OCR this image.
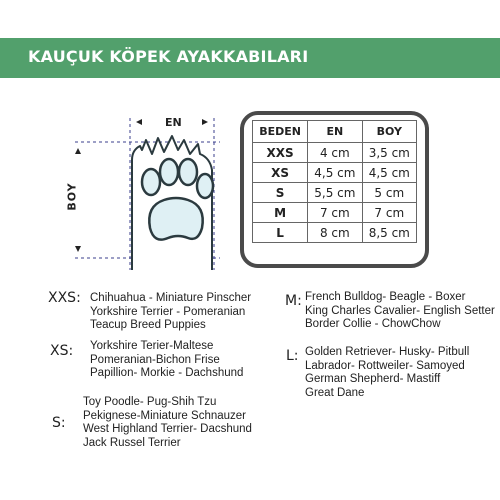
KAUÇUK KÖPEK AYAKKABILARI
EN
BOY
BEDEN	EN	BOY
XXS	4 cm	3,5 cm
XS	4,5 cm	4,5 cm
S	5,5 cm	5 cm
M	7 cm	7 cm
L	8 cm	8,5 cm
XXS: Chihuahua - Miniature Pinscher
Yorkshire Terrier - Pomeranian
Teacup Breed Puppies
XS: Yorkshire Terier-Maltese
Pomeranian-Bichon Frise
Papillion- Morkie - Dachshund
S:
Toy Poodle- Pug-Shih Tzu
Pekignese-Miniature Schnauzer
West Highland Terrier- Dacshund
Jack Russel Terrier
M: French Bulldog- Beagle - Boxer
King Charles Cavalier- English Setter
Border Collie - ChowChow
L: Golden Retriever- Husky- Pitbull
Labrador- Rottweiler- Samoyed
German Shepherd- Mastiff
Great Dane
